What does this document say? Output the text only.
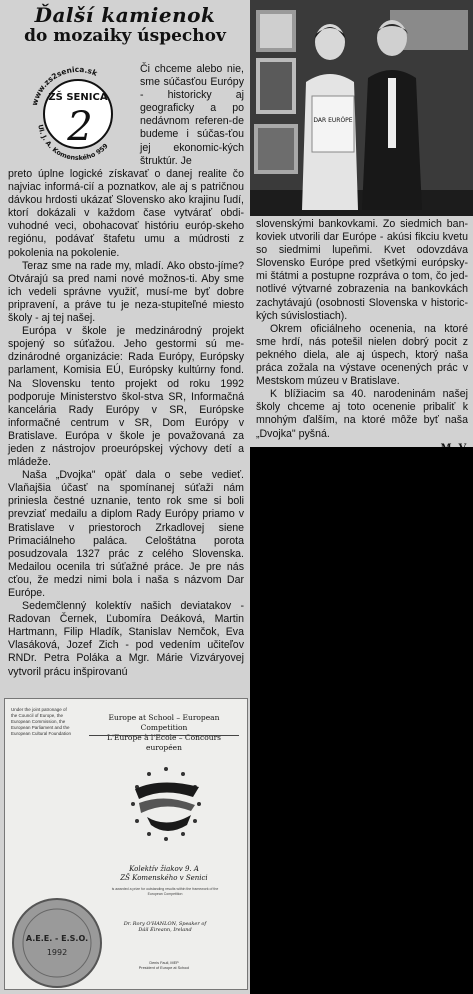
Ďalší kamienok
do mozaiky úspechov
www.zs2senica.sk
Ul. J. A. Komenského 959
ZŠ SENICA
2

Či chceme alebo nie, sme súčasťou Európy - historicky aj geograficky a po nedávnom referen-de budeme i súčas-ťou jej ekonomic-kých štruktúr. Je

preto úplne logické získavať o danej realite čo najviac informá-cií a poznatkov, ale aj s patričnou dávkou hrdosti ukázať Slovensko ako krajinu ľudí, ktorí dokázali v každom čase vytvárať obdi-vuhodné veci, obohacovať históriu európ-skeho regiónu, podávať štafetu umu a múdrosti z pokolenia na pokolenie.

Teraz sme na rade my, mladí. Ako obsto-jíme? Otvárajú sa pred nami nové možnos-ti. Aby sme ich vedeli správne využiť, musí-me byť dobre pripravení, a práve tu je neza-stupiteľné miesto školy - aj tej našej.

Európa v škole je medzinárodný projekt spojený so súťažou. Jeho gestormi sú me-dzinárodné organizácie: Rada Európy, Európsky parlament, Komisia EÚ, Európsky kultúrny fond. Na Slovensku tento projekt od roku 1992 podporuje Ministerstvo škol-stva SR, Informačná kancelária Rady Európy v SR, Európske informačné centrum v SR, Dom Európy v Bratislave. Európa v škole je považovaná za jeden z nástrojov proeurópskej výchovy detí a mládeže.

Naša „Dvojka" opäť dala o sebe vedieť. Vlaňajšia účasť na spomínanej súťaži nám priniesla čestné uznanie, tento rok sme si boli prevziať medailu a diplom Rady Európy priamo v Bratislave v priestoroch Zrkadlovej siene Primaciálneho paláca. Celoštátna porota posudzovala 1327 prác z celého Slovenska. Medailou ocenila tri súťažné práce. Je pre nás cťou, že medzi nimi bola i naša s názvom Dar Európe.

Sedemčlenný kolektív našich deviatakov - Radovan Černek, Ľubomíra Deáková, Martin Hartmann, Filip Hladík, Stanislav Nemčok, Eva Vlasáková, Jozef Zich - pod vedením učiteľov RNDr. Petra Poláka a Mgr. Márie Vizváryovej vytvoril prácu inšpirovanú

DAR EURÓPE

slovenskými bankovkami. Zo siedmich ban-koviek utvorili dar Európe - akúsi fikciu kvetu so siedmimi lupeňmi. Kvet odovzdáva Slovensko Európe pred všetkými európsky-mi štátmi a postupne rozpráva o tom, čo jed-notlivé výtvarné zobrazenia na bankovkách zachytávajú (osobnosti Slovenska v historic-kých súvislostiach).

Okrem oficiálneho ocenenia, na ktoré sme hrdí, nás potešil nielen dobrý pocit z pekného diela, ale aj úspech, ktorý naša práca zožala na výstave ocenených prác v Mestskom múzeu v Bratislave.

K blížiacim sa 40. narodeninám našej školy chceme aj toto ocenenie pribaliť k mnohým ďalším, na ktoré môže byť naša „Dvojka" pyšná.

Under the joint patronage of the Council of Europe, the European Commission, the European Parliament and the European Cultural Foundation
Europe at School – European Competition
L'Europe à l'Ecole – Concours européen
Kolektív žiakov 9. A
ZŠ Komenského v Senici
is awarded a prize for outstanding results within the framework of the European Competition
Dr. Rory O'HANLON, Speaker of
Dáil Éireann, Ireland
Denis Fauil, MEP
President of Europe at School
A.E.E. - E.S.O.
1992
